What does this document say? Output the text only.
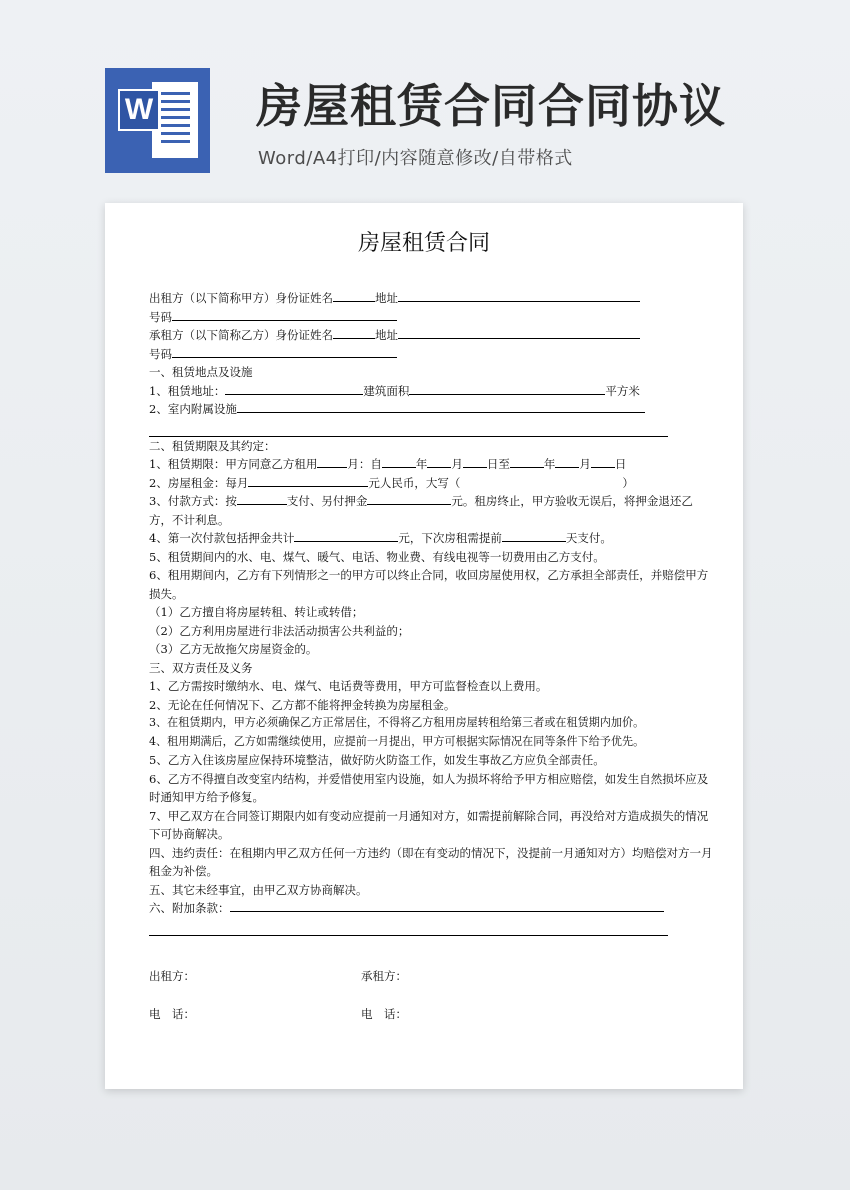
W 房屋租赁合同合同协议
Word/A4打印/内容随意修改/自带格式
房屋租赁合同
出租方（以下简称甲方）身份证姓名	地址
号码
承租方（以下简称乙方）身份证姓名	地址
号码
一、租赁地点及设施
1、租赁地址：	建筑面积	平方米
2、室内附属设施
二、租赁期限及其约定：
1、租赁期限：甲方同意乙方租用	月：自	年 月 日至	年 月 日
2、房屋租金：每月	元人民币，大写（	）
3、付款方式：按	支付、另付押金	元。租房终止，甲方验收无误后，将押金退还乙方，不计利息。
4、第一次付款包括押金共计	元，下次房租需提前	天支付。
5、租赁期间内的水、电、煤气、暖气、电话、物业费、有线电视等一切费用由乙方支付。
6、租用期间内，乙方有下列情形之一的甲方可以终止合同，收回房屋使用权，乙方承担全部责任，并赔偿甲方损失。
（1）乙方擅自将房屋转租、转让或转借；
（2）乙方利用房屋进行非法活动损害公共利益的；
（3）乙方无故拖欠房屋资金的。
三、双方责任及义务
1、乙方需按时缴纳水、电、煤气、电话费等费用，甲方可监督检查以上费用。
2、无论在任何情况下、乙方都不能将押金转换为房屋租金。
3、在租赁期内，甲方必须确保乙方正常居住，不得将乙方租用房屋转租给第三者或在租赁期内加价。
4、租用期满后，乙方如需继续使用，应提前一月提出，甲方可根据实际情况在同等条件下给予优先。
5、乙方入住该房屋应保持环境整洁，做好防火防盗工作，如发生事故乙方应负全部责任。
6、乙方不得擅自改变室内结构，并爱惜使用室内设施，如人为损坏将给予甲方相应赔偿，如发生自然损坏应及时通知甲方给予修复。
7、甲乙双方在合同签订期限内如有变动应提前一月通知对方，如需提前解除合同，再没给对方造成损失的情况下可协商解决。
四、违约责任：在租期内甲乙双方任何一方违约（即在有变动的情况下，没提前一月通知对方）均赔偿对方一月租金为补偿。
五、其它未经事宜，由甲乙双方协商解决。
六、附加条款：
出租方：	承租方：
电　话：	电　话：
